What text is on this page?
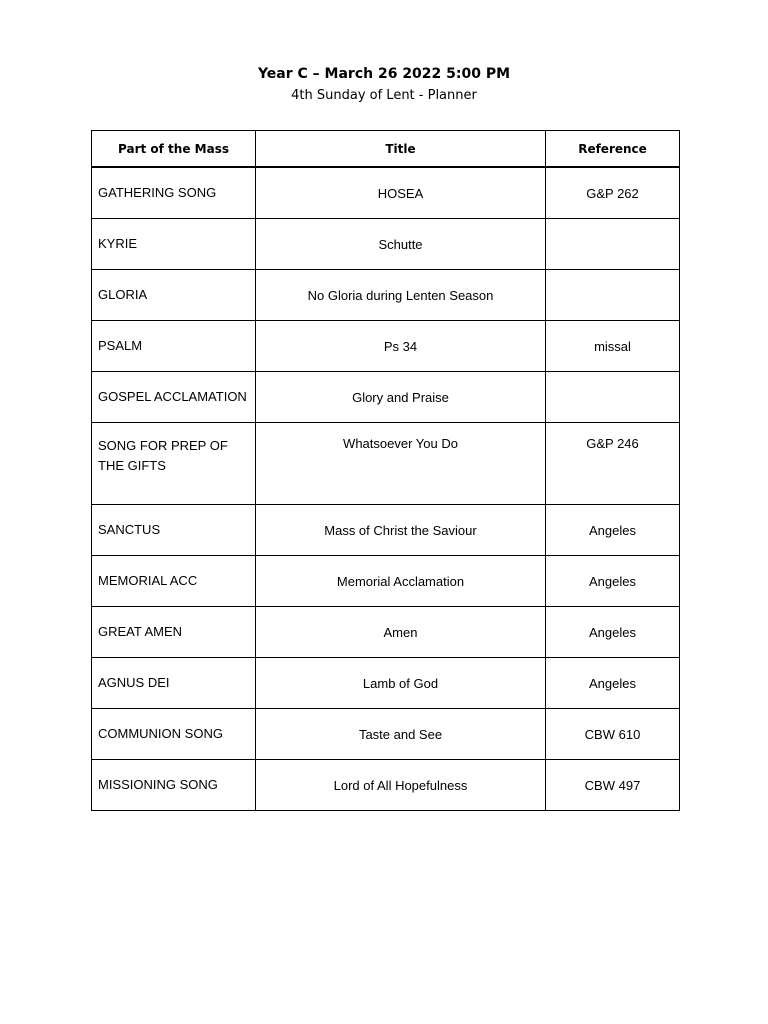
Year C – March 26 2022 5:00 PM
4th Sunday of Lent - Planner
Part of the Mass	Title	Reference
GATHERING SONG	HOSEA	G&P 262
KYRIE	Schutte	
GLORIA	No Gloria during Lenten Season	
PSALM	Ps 34	missal
GOSPEL ACCLAMATION	Glory and Praise	
SONG FOR PREP OF THE GIFTS	Whatsoever You Do	G&P 246
SANCTUS	Mass of Christ the Saviour	Angeles
MEMORIAL ACC	Memorial Acclamation	Angeles
GREAT AMEN	Amen	Angeles
AGNUS DEI	Lamb of God	Angeles
COMMUNION SONG	Taste and See	CBW 610
MISSIONING SONG	Lord of All Hopefulness	CBW 497
